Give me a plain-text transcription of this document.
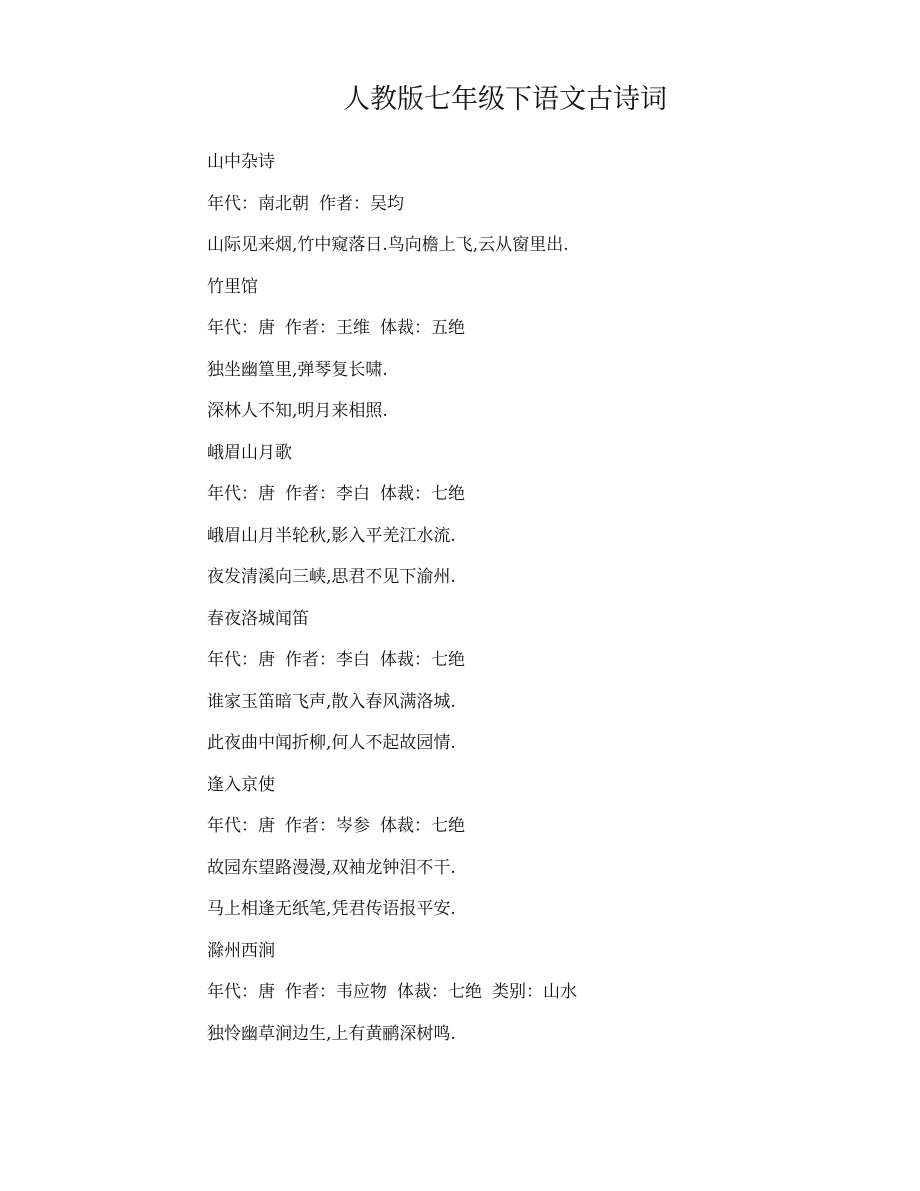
人教版七年级下语文古诗词

山中杂诗

年代：南北朝 作者：吴均

山际见来烟,竹中窥落日.鸟向檐上飞,云从窗里出.

竹里馆

年代：唐 作者：王维 体裁：五绝

独坐幽篁里,弹琴复长啸.

深林人不知,明月来相照.

峨眉山月歌

年代：唐 作者：李白 体裁：七绝

峨眉山月半轮秋,影入平羌江水流.

夜发清溪向三峡,思君不见下渝州.

春夜洛城闻笛

年代：唐 作者：李白 体裁：七绝

谁家玉笛暗飞声,散入春风满洛城.

此夜曲中闻折柳,何人不起故园情.

逢入京使

年代：唐 作者：岑参 体裁：七绝

故园东望路漫漫,双袖龙钟泪不干.

马上相逢无纸笔,凭君传语报平安.

滁州西涧

年代：唐 作者：韦应物 体裁：七绝 类别：山水

独怜幽草涧边生,上有黄鹂深树鸣.
